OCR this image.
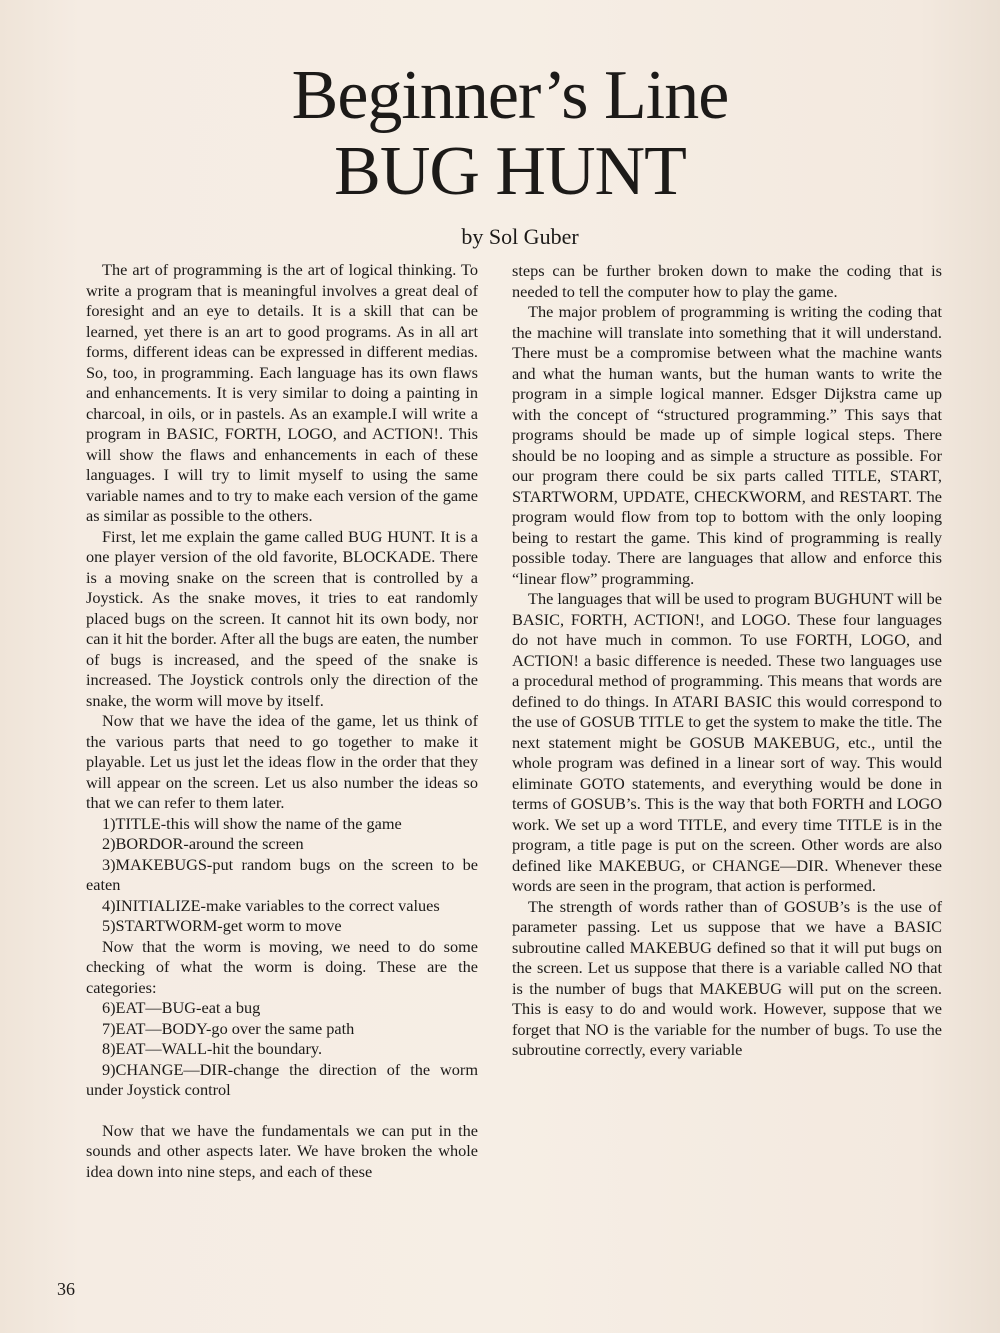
Beginner’s Line
BUG HUNT
by Sol Guber

The art of programming is the art of logical thinking. To write a program that is meaningful involves a great deal of foresight and an eye to details. It is a skill that can be learned, yet there is an art to good programs. As in all art forms, different ideas can be expressed in different medias. So, too, in programming. Each language has its own flaws and enhancements. It is very similar to doing a painting in charcoal, in oils, or in pastels. As an example.I will write a program in BASIC, FORTH, LOGO, and ACTION!. This will show the flaws and enhancements in each of these languages. I will try to limit myself to using the same variable names and to try to make each version of the game as similar as possible to the others.

First, let me explain the game called BUG HUNT. It is a one player version of the old favorite, BLOCKADE. There is a moving snake on the screen that is controlled by a Joystick. As the snake moves, it tries to eat randomly placed bugs on the screen. It cannot hit its own body, nor can it hit the border. After all the bugs are eaten, the number of bugs is increased, and the speed of the snake is increased. The Joystick controls only the direction of the snake, the worm will move by itself.

Now that we have the idea of the game, let us think of the various parts that need to go together to make it playable. Let us just let the ideas flow in the order that they will appear on the screen. Let us also number the ideas so that we can refer to them later.

1)TITLE-this will show the name of the game

2)BORDOR-around the screen

3)MAKEBUGS-put random bugs on the screen to be eaten

4)INITIALIZE-make variables to the correct values

5)STARTWORM-get worm to move

Now that the worm is moving, we need to do some checking of what the worm is doing. These are the categories:

6)EAT—BUG-eat a bug

7)EAT—BODY-go over the same path

8)EAT—WALL-hit the boundary.

9)CHANGE—DIR-change the direction of the worm under Joystick control

Now that we have the fundamentals we can put in the sounds and other aspects later. We have broken the whole idea down into nine steps, and each of these

steps can be further broken down to make the coding that is needed to tell the computer how to play the game.

The major problem of programming is writing the coding that the machine will translate into something that it will understand. There must be a compromise between what the machine wants and what the human wants, but the human wants to write the program in a simple logical manner. Edsger Dijkstra came up with the concept of “structured programming.” This says that programs should be made up of simple logical steps. There should be no looping and as simple a structure as possible. For our program there could be six parts called TITLE, START, STARTWORM, UPDATE, CHECKWORM, and RESTART. The program would flow from top to bottom with the only looping being to restart the game. This kind of programming is really possible today. There are languages that allow and enforce this “linear flow” programming.

The languages that will be used to program BUGHUNT will be BASIC, FORTH, ACTION!, and LOGO. These four languages do not have much in common. To use FORTH, LOGO, and ACTION! a basic difference is needed. These two languages use a procedural method of programming. This means that words are defined to do things. In ATARI BASIC this would correspond to the use of GOSUB TITLE to get the system to make the title. The next statement might be GOSUB MAKEBUG, etc., until the whole program was defined in a linear sort of way. This would eliminate GOTO statements, and everything would be done in terms of GOSUB’s. This is the way that both FORTH and LOGO work. We set up a word TITLE, and every time TITLE is in the program, a title page is put on the screen. Other words are also defined like MAKEBUG, or CHANGE—DIR. Whenever these words are seen in the program, that action is performed.

The strength of words rather than of GOSUB’s is the use of parameter passing. Let us suppose that we have a BASIC subroutine called MAKEBUG defined so that it will put bugs on the screen. Let us suppose that there is a variable called NO that is the number of bugs that MAKEBUG will put on the screen. This is easy to do and would work. However, suppose that we forget that NO is the variable for the number of bugs. To use the subroutine correctly, every variable

36
